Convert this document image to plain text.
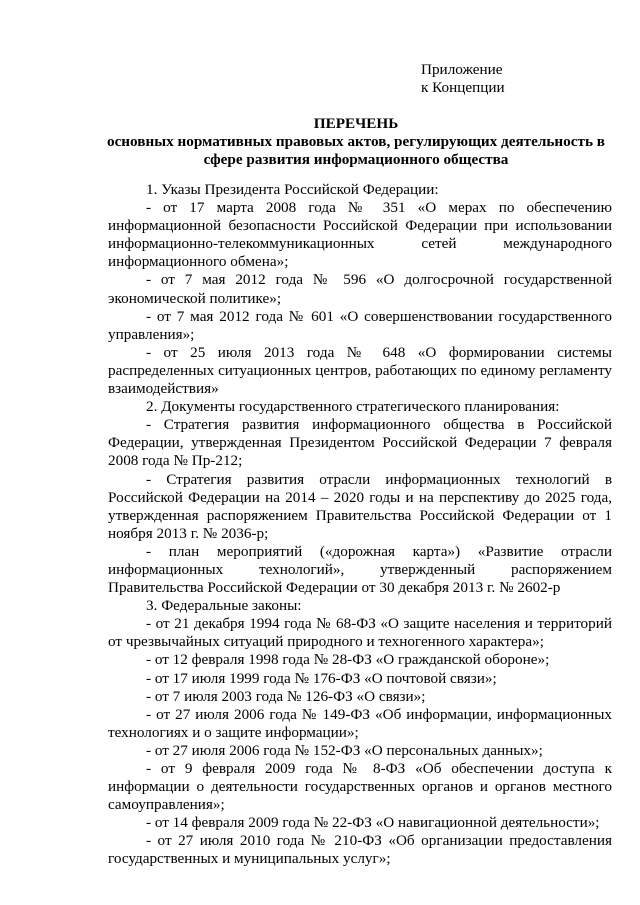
Приложение
к Концепции
ПЕРЕЧЕНЬ
основных нормативных правовых актов, регулирующих деятельность в
сфере развития информационного общества

1. Указы Президента Российской Федерации:

- от 17 марта 2008 года № 351 «О мерах по обеспечению информационной безопасности Российской Федерации при использовании информационно-телекоммуникационных сетей международного информационного обмена»;

- от 7 мая 2012 года № 596 «О долгосрочной государственной экономической политике»;

- от 7 мая 2012 года № 601 «О совершенствовании государственного управления»;

- от 25 июля 2013 года № 648 «О формировании системы распределенных ситуационных центров, работающих по единому регламенту взаимодействия»

2. Документы государственного стратегического планирования:

- Стратегия развития информационного общества в Российской Федерации, утвержденная Президентом Российской Федерации 7 февраля 2008 года № Пр-212;

- Стратегия развития отрасли информационных технологий в Российской Федерации на 2014 – 2020 годы и на перспективу до 2025 года, утвержденная распоряжением Правительства Российской Федерации от 1 ноября 2013 г. № 2036-р;

- план мероприятий («дорожная карта») «Развитие отрасли информационных технологий», утвержденный распоряжением Правительства Российской Федерации от 30 декабря 2013 г. № 2602-р

3. Федеральные законы:

- от 21 декабря 1994 года № 68-ФЗ «О защите населения и территорий от чрезвычайных ситуаций природного и техногенного характера»;

- от 12 февраля 1998 года № 28-ФЗ «О гражданской обороне»;

- от 17 июля 1999 года № 176-ФЗ «О почтовой связи»;

- от 7 июля 2003 года № 126-ФЗ «О связи»;

- от 27 июля 2006 года № 149-ФЗ «Об информации, информационных технологиях и о защите информации»;

- от 27 июля 2006 года № 152-ФЗ «О персональных данных»;

- от 9 февраля 2009 года № 8-ФЗ «Об обеспечении доступа к информации о деятельности государственных органов и органов местного самоуправления»;

- от 14 февраля 2009 года № 22-ФЗ «О навигационной деятельности»;

- от 27 июля 2010 года № 210-ФЗ «Об организации предоставления государственных и муниципальных услуг»;
